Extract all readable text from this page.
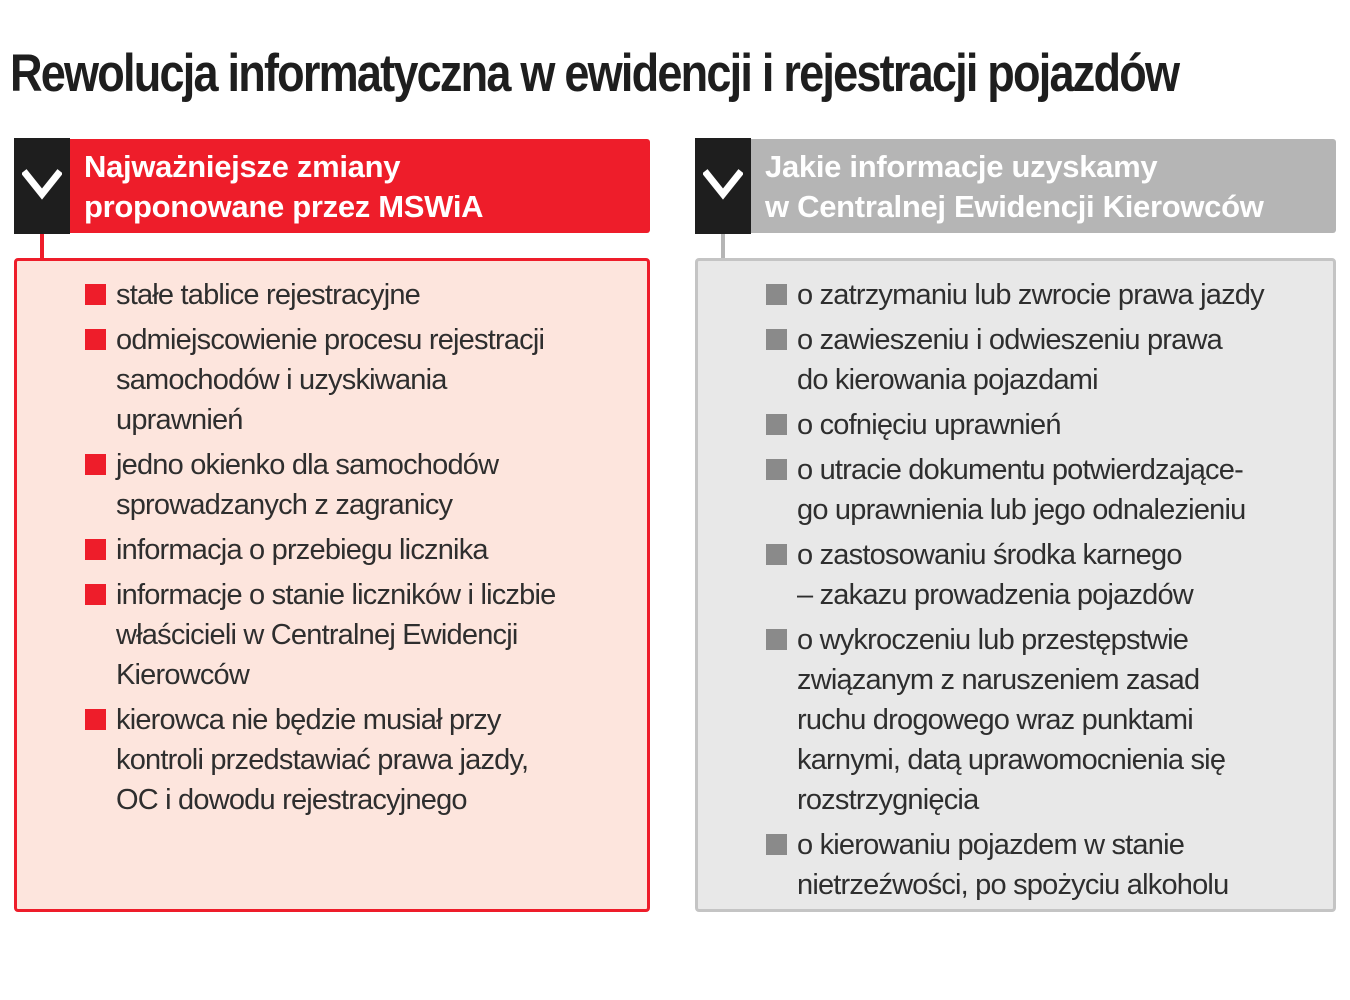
Rewolucja informatyczna w ewidencji i rejestracji pojazdów
Najważniejsze zmiany
proponowane przez MSWiA
stałe tablice rejestracyjne
odmiejscowienie procesu rejestracji
samochodów i uzyskiwania
uprawnień
jedno okienko dla samochodów
sprowadzanych z zagranicy
informacja o przebiegu licznika
informacje o stanie liczników i liczbie
właścicieli w Centralnej Ewidencji
Kierowców
kierowca nie będzie musiał przy
kontroli przedstawiać prawa jazdy,
OC i dowodu rejestracyjnego
Jakie informacje uzyskamy
w Centralnej Ewidencji Kierowców
o zatrzymaniu lub zwrocie prawa jazdy
o zawieszeniu i odwieszeniu prawa
do kierowania pojazdami
o cofnięciu uprawnień
o utracie dokumentu potwierdzające-
go uprawnienia lub jego odnalezieniu
o zastosowaniu środka karnego
– zakazu prowadzenia pojazdów
o wykroczeniu lub przestępstwie
związanym z naruszeniem zasad
ruchu drogowego wraz punktami
karnymi, datą uprawomocnienia się
rozstrzygnięcia
o kierowaniu pojazdem w stanie
nietrzeźwości, po spożyciu alkoholu
